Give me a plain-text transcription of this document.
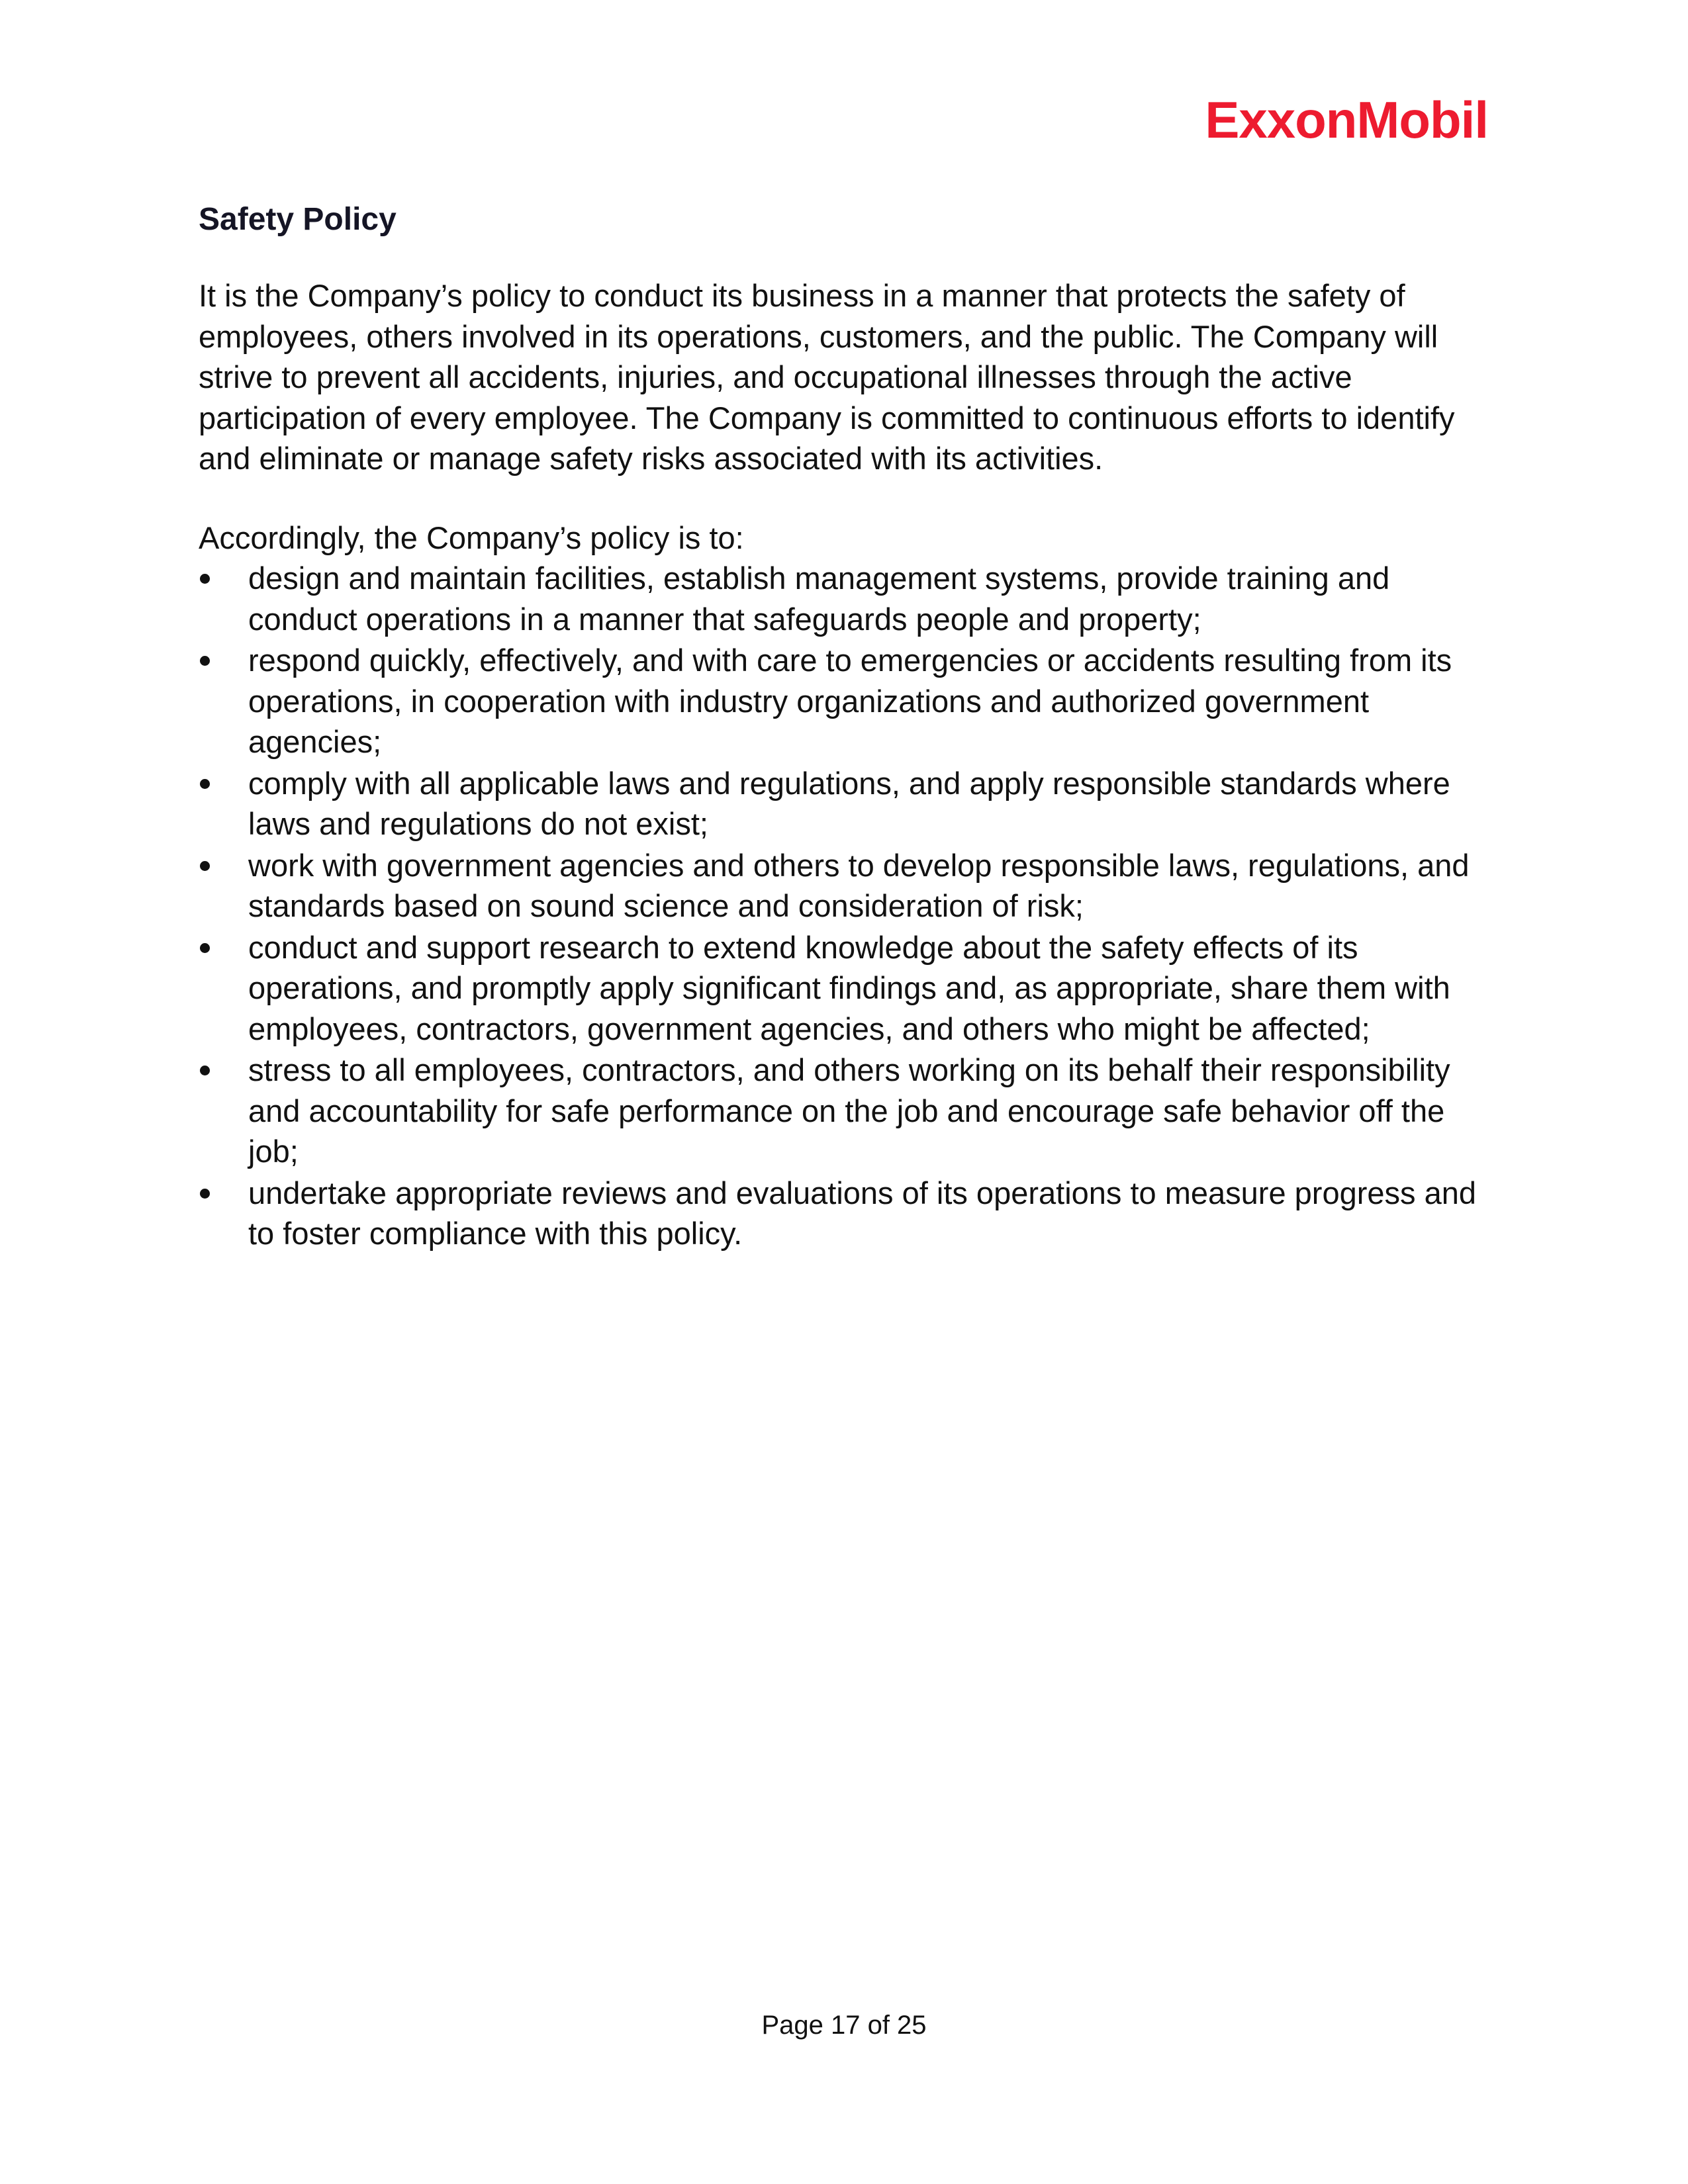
ExxonMobil
Safety Policy

It is the Company’s policy to conduct its business in a manner that protects the safety of employees, others involved in its operations, customers, and the public. The Company will strive to prevent all accidents, injuries, and occupational illnesses through the active participation of every employee. The Company is committed to continuous efforts to identify and eliminate or manage safety risks associated with its activities.

Accordingly, the Company’s policy is to:

design and maintain facilities, establish management systems, provide training and conduct operations in a manner that safeguards people and property;
respond quickly, effectively, and with care to emergencies or accidents resulting from its operations, in cooperation with industry organizations and authorized government agencies;
comply with all applicable laws and regulations, and apply responsible standards where laws and regulations do not exist;
work with government agencies and others to develop responsible laws, regulations, and standards based on sound science and consideration of risk;
conduct and support research to extend knowledge about the safety effects of its operations, and promptly apply significant findings and, as appropriate, share them with employees, contractors, government agencies, and others who might be affected;
stress to all employees, contractors, and others working on its behalf their responsibility and accountability for safe performance on the job and encourage safe behavior off the job;
undertake appropriate reviews and evaluations of its operations to measure progress and to foster compliance with this policy.
Page 17 of 25
